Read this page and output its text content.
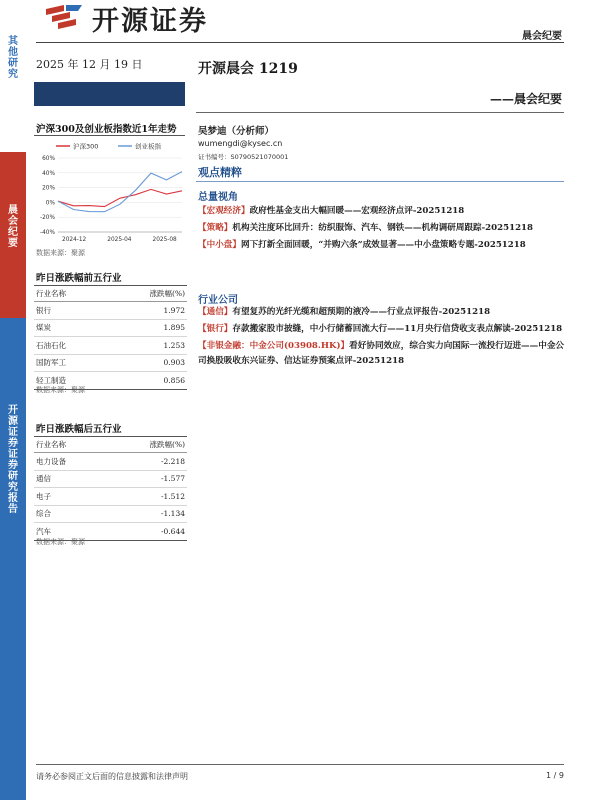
其他研究
晨会纪要
开源证券 证券研究报告
开源证券	晨会纪要
2025 年 12 月 19 日
沪深300及创业板指数近1年走势
沪深300	创业板指
60%
40%
20%
0%
-20%
-40%
2024-12	2025-04	2025-08
数据来源：聚源
昨日涨跌幅前五行业
行业名称	涨跌幅(%)
银行	1.972
煤炭	1.895
石油石化	1.253
国防军工	0.903
轻工制造	0.856
数据来源：聚源
昨日涨跌幅后五行业
行业名称	涨跌幅(%)
电力设备	-2.218
通信	-1.577
电子	-1.512
综合	-1.134
汽车	-0.644
数据来源：聚源
开源晨会 1219
——晨会纪要
吴梦迪（分析师）
wumengdi@kysec.cn
证书编号：S0790521070001
观点精粹
总量视角

【宏观经济】政府性基金支出大幅回暖——宏观经济点评-20251218

【策略】机构关注度环比回升：纺织服饰、汽车、钢铁——机构调研周跟踪-20251218

【中小盘】网下打新全面回暖，“并购六条”成效显著——中小盘策略专题-20251218

行业公司

【通信】有望复苏的光纤光缆和超预期的液冷——行业点评报告-20251218

【银行】存款搬家股市披缝，中小行储蓄回流大行——11月央行信贷收支表点解读-20251218

【非银金融：中金公司(03908.HK)】看好协同效应，综合实力向国际一流投行迈进——中金公司换股吸收东兴证券、信达证券预案点评-20251218

请务必参阅正文后面的信息披露和法律声明	1 / 9
